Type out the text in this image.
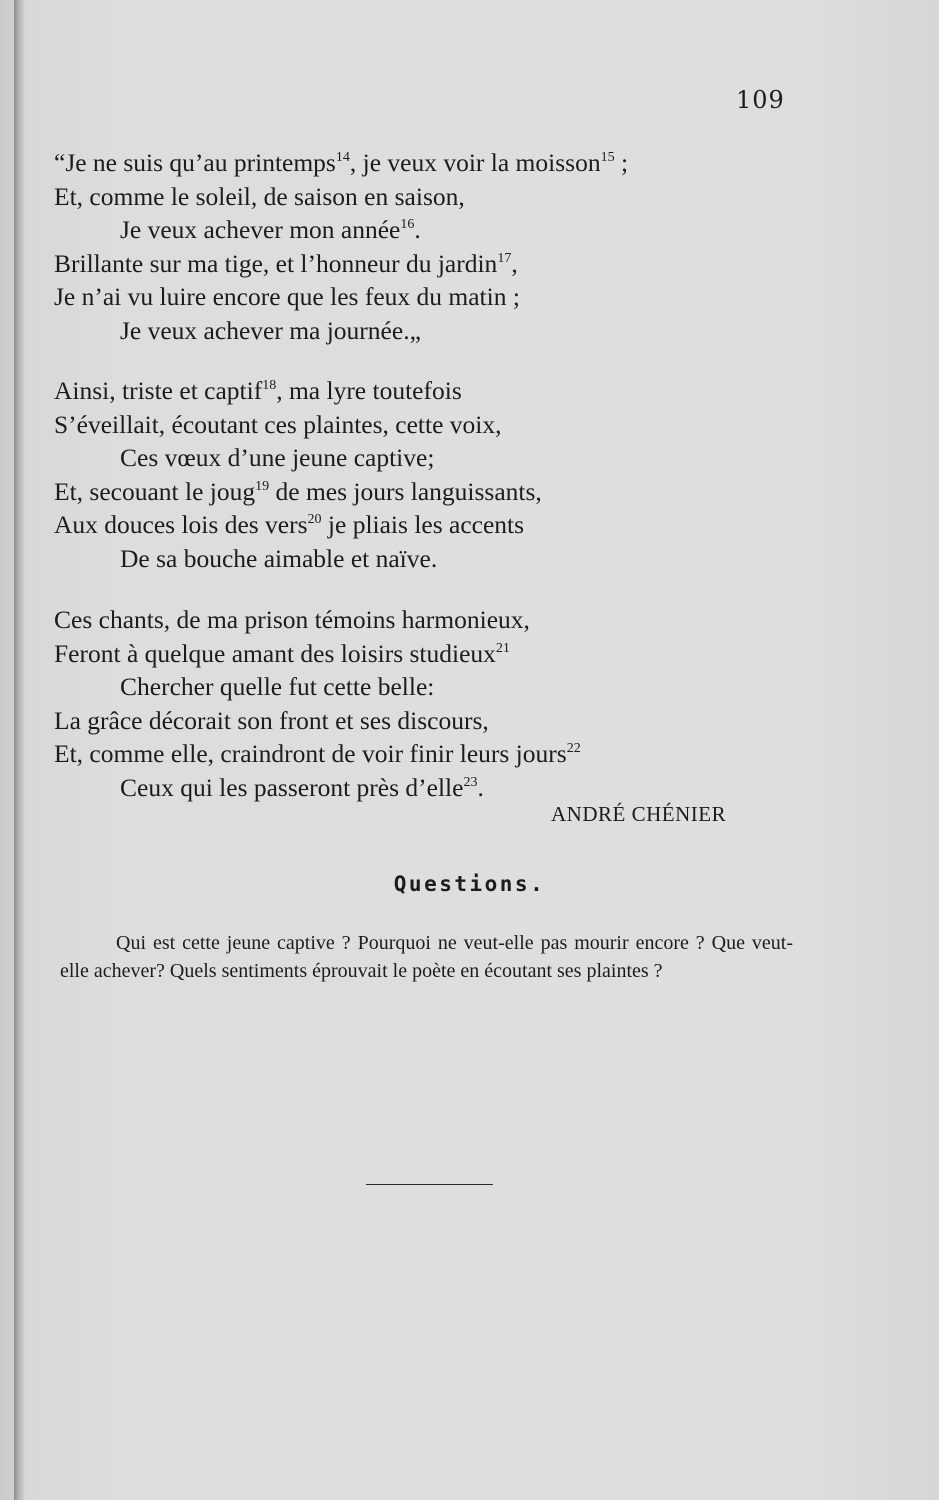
109
“Je ne suis qu’au printemps$^{14}$, je veux voir la moisson$^{15}$ ;
Et, comme le soleil, de saison en saison,
Je veux achever mon année$^{16}$.
Brillante sur ma tige, et l’honneur du jardin$^{17}$,
Je n’ai vu luire encore que les feux du matin ;
Je veux achever ma journée.„
Ainsi, triste et captif$^{18}$, ma lyre toutefois
S’éveillait, écoutant ces plaintes, cette voix,
Ces vœux d’une jeune captive;
Et, secouant le joug$^{19}$ de mes jours languissants,
Aux douces lois des vers$^{20}$ je pliais les accents
De sa bouche aimable et naïve.
Ces chants, de ma prison témoins harmonieux,
Feront à quelque amant des loisirs studieux$^{21}$
Chercher quelle fut cette belle:
La grâce décorait son front et ses discours,
Et, comme elle, craindront de voir finir leurs jours$^{22}$
Ceux qui les passeront près d’elle$^{23}$.
ANDRÉ CHÉNIER
Questions.
Qui est cette jeune captive ? Pourquoi ne veut-elle pas mourir encore ? Que veut-elle achever? Quels sentiments éprouvait le poète en écoutant ses plaintes ?
